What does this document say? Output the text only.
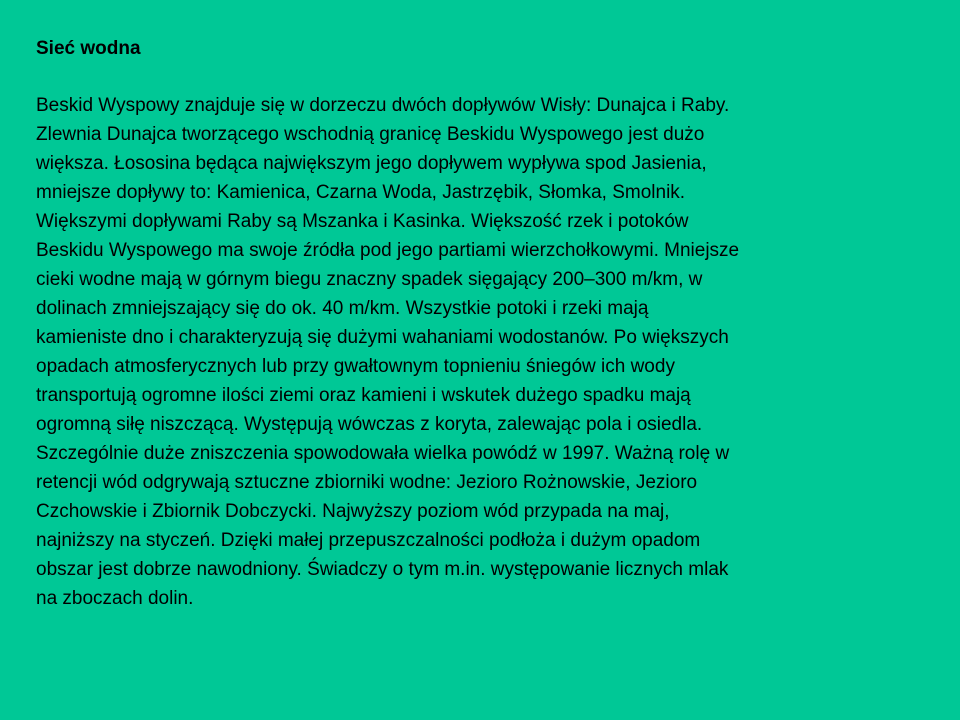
Sieć wodna
Beskid Wyspowy znajduje się w dorzeczu dwóch dopływów Wisły: Dunajca i Raby.
Zlewnia Dunajca tworzącego wschodnią granicę Beskidu Wyspowego jest dużo
większa. Łososina będąca największym jego dopływem wypływa spod Jasienia,
mniejsze dopływy to: Kamienica, Czarna Woda, Jastrzębik, Słomka, Smolnik.
Większymi dopływami Raby są Mszanka i Kasinka. Większość rzek i potoków
Beskidu Wyspowego ma swoje źródła pod jego partiami wierzchołkowymi. Mniejsze
cieki wodne mają w górnym biegu znaczny spadek sięgający 200–300 m/km, w
dolinach zmniejszający się do ok. 40 m/km. Wszystkie potoki i rzeki mają
kamieniste dno i charakteryzują się dużymi wahaniami wodostanów. Po większych
opadach atmosferycznych lub przy gwałtownym topnieniu śniegów ich wody
transportują ogromne ilości ziemi oraz kamieni i wskutek dużego spadku mają
ogromną siłę niszczącą. Występują wówczas z koryta, zalewając pola i osiedla.
Szczególnie duże zniszczenia spowodowała wielka powódź w 1997. Ważną rolę w
retencji wód odgrywają sztuczne zbiorniki wodne: Jezioro Rożnowskie, Jezioro
Czchowskie i Zbiornik Dobczycki. Najwyższy poziom wód przypada na maj,
najniższy na styczeń. Dzięki małej przepuszczalności podłoża i dużym opadom
obszar jest dobrze nawodniony. Świadczy o tym m.in. występowanie licznych mlak
na zboczach dolin.
